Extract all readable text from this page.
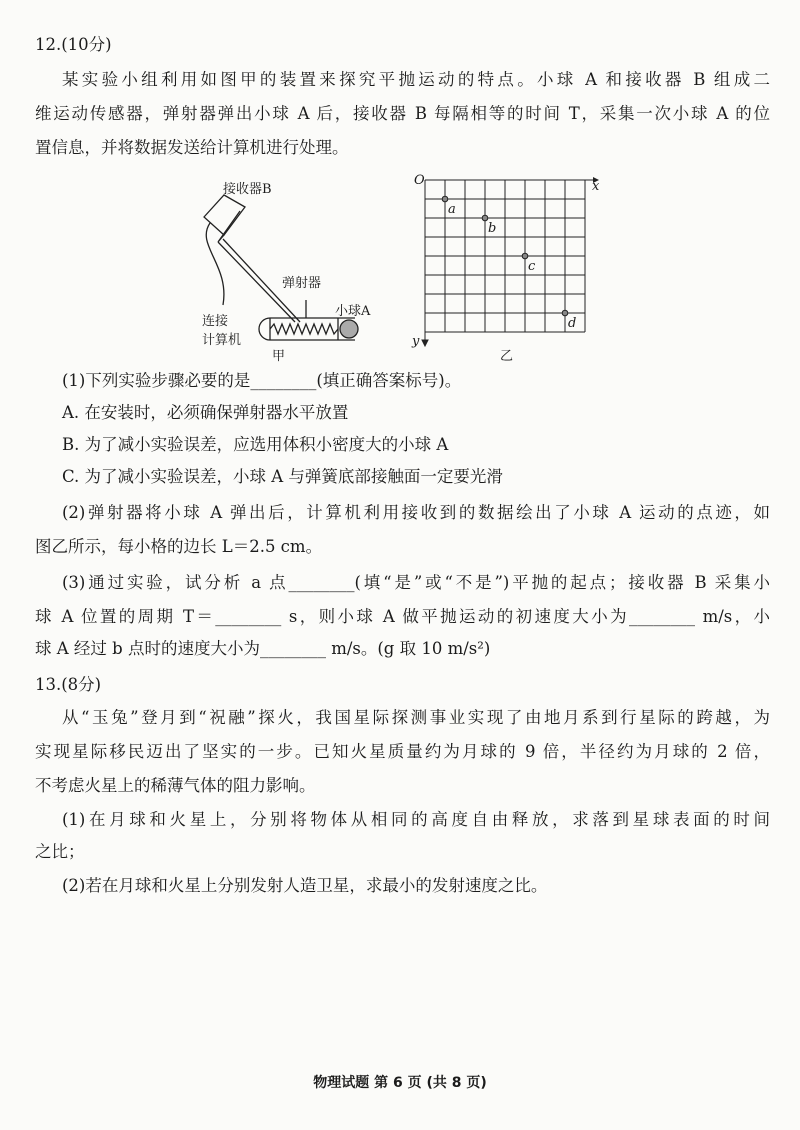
12.(10分)
某实验小组利用如图甲的装置来探究平抛运动的特点。小球 A 和接收器 B 组成二
维运动传感器，弹射器弹出小球 A 后，接收器 B 每隔相等的时间 T，采集一次小球 A 的位
置信息，并将数据发送给计算机进行处理。
接收器B
弹射器
小球A
连接
计算机
甲
a
b
c
d
O	x
y
乙
(1)下列实验步骤必要的是________(填正确答案标号)。
A. 在安装时，必须确保弹射器水平放置
B. 为了减小实验误差，应选用体积小密度大的小球 A
C. 为了减小实验误差，小球 A 与弹簧底部接触面一定要光滑
(2)弹射器将小球 A 弹出后，计算机利用接收到的数据绘出了小球 A 运动的点迹，如
图乙所示，每小格的边长 L＝2.5 cm。
(3)通过实验，试分析 a 点________(填“是”或“不是”)平抛的起点；接收器 B 采集小
球 A 位置的周期 T＝________ s，则小球 A 做平抛运动的初速度大小为________ m/s，小
球 A 经过 b 点时的速度大小为________ m/s。(g 取 10 m/s²)
13.(8分)
从“玉兔”登月到“祝融”探火，我国星际探测事业实现了由地月系到行星际的跨越，为
实现星际移民迈出了坚实的一步。已知火星质量约为月球的 9 倍，半径约为月球的 2 倍，
不考虑火星上的稀薄气体的阻力影响。
(1)在月球和火星上，分别将物体从相同的高度自由释放，求落到星球表面的时间
之比；
(2)若在月球和火星上分别发射人造卫星，求最小的发射速度之比。
物理试题 第 6 页 (共 8 页)
